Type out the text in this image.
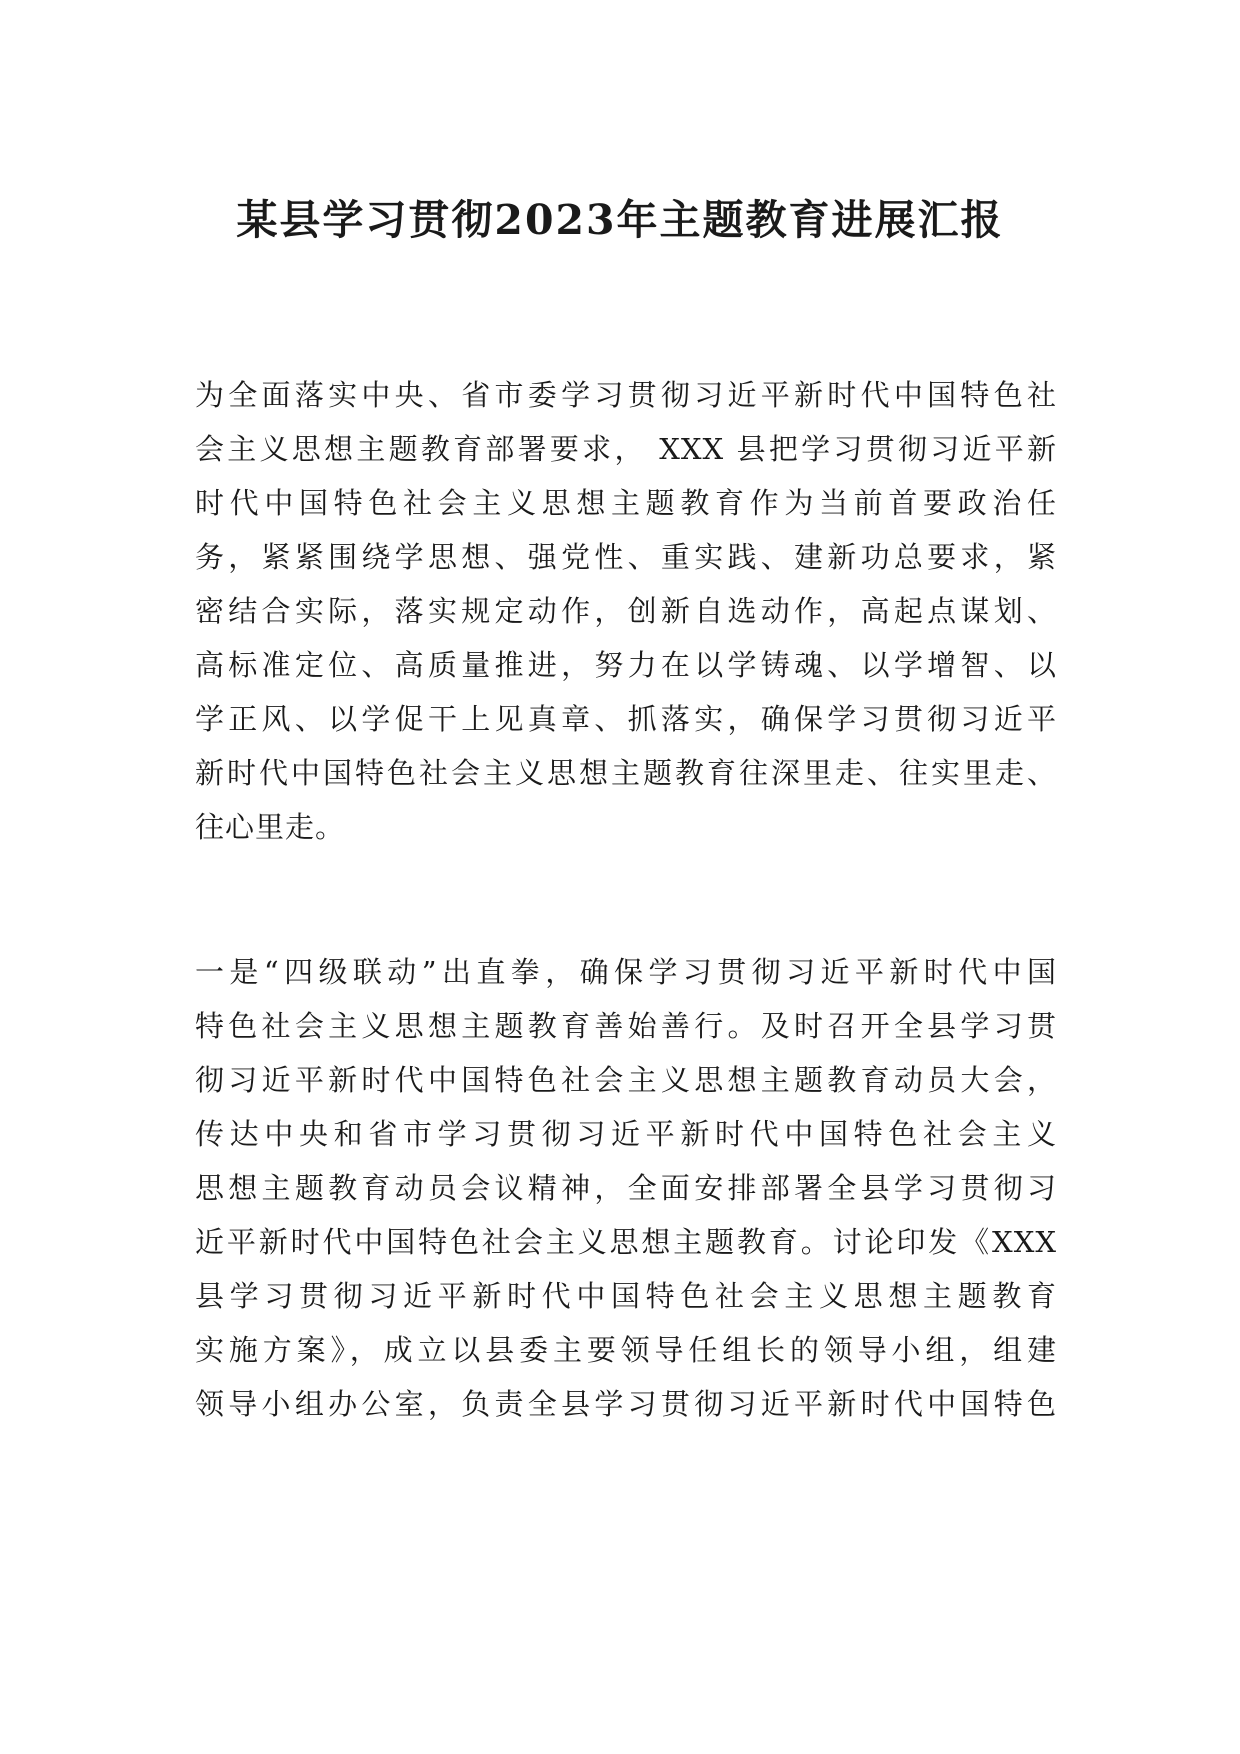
某县学习贯彻2023年主题教育进展汇报
为全面落实中央、省市委学习贯彻习近平新时代中国特色社
会主义思想主题教育部署要求， XXX 县把学习贯彻习近平新
时代中国特色社会主义思想主题教育作为当前首要政治任
务，紧紧围绕学思想、强党性、重实践、建新功总要求，紧
密结合实际，落实规定动作，创新自选动作，高起点谋划、
高标准定位、高质量推进，努力在以学铸魂、以学增智、以
学正风、以学促干上见真章、抓落实，确保学习贯彻习近平
新时代中国特色社会主义思想主题教育往深里走、往实里走、
往心里走。
一是“四级联动”出直拳，确保学习贯彻习近平新时代中国
特色社会主义思想主题教育善始善行。及时召开全县学习贯
彻习近平新时代中国特色社会主义思想主题教育动员大会，
传达中央和省市学习贯彻习近平新时代中国特色社会主义
思想主题教育动员会议精神，全面安排部署全县学习贯彻习
近平新时代中国特色社会主义思想主题教育。讨论印发《XXX
县学习贯彻习近平新时代中国特色社会主义思想主题教育
实施方案》，成立以县委主要领导任组长的领导小组，组建
领导小组办公室，负责全县学习贯彻习近平新时代中国特色
